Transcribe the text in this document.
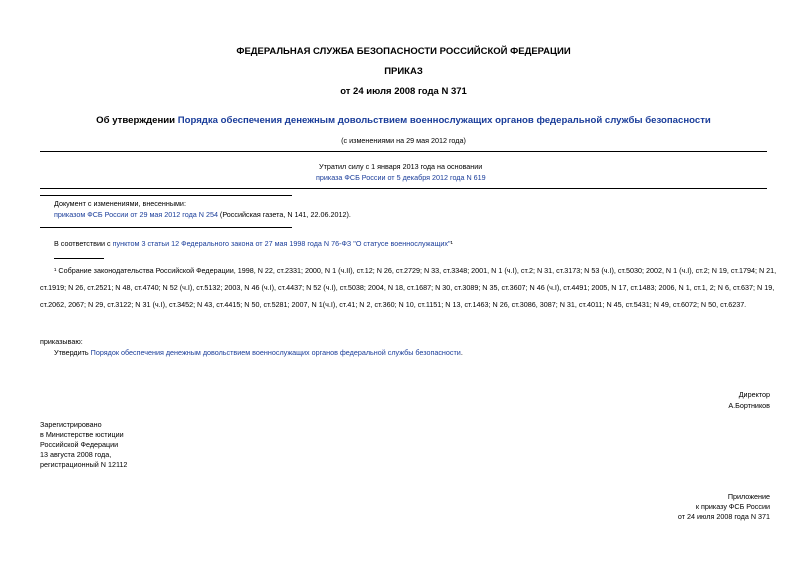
ФЕДЕРАЛЬНАЯ СЛУЖБА БЕЗОПАСНОСТИ РОССИЙСКОЙ ФЕДЕРАЦИИ
ПРИКАЗ
от 24 июля 2008 года N 371
Об утверждении Порядка обеспечения денежным довольствием военнослужащих органов федеральной службы безопасности
(с изменениями на 29 мая 2012 года)
Утратил силу с 1 января 2013 года на основании
приказа ФСБ России от 5 декабря 2012 года N 619
Документ с изменениями, внесенными:
приказом ФСБ России от 29 мая 2012 года N 254 (Российская газета, N 141, 22.06.2012).
В соответствии с пунктом 3 статьи 12 Федерального закона от 27 мая 1998 года N 76-ФЗ "О статусе военнослужащих"¹
¹ Собрание законодательства Российской Федерации, 1998, N 22, ст.2331; 2000, N 1 (ч.II), ст.12; N 26, ст.2729; N 33, ст.3348; 2001, N 1 (ч.I), ст.2; N 31, ст.3173; N 53 (ч.I), ст.5030; 2002, N 1 (ч.I), ст.2; N 19, ст.1794; N 21, ст.1919; N 26, ст.2521; N 48, ст.4740; N 52 (ч.I), ст.5132; 2003, N 46 (ч.I), ст.4437; N 52 (ч.I), ст.5038; 2004, N 18, ст.1687; N 30, ст.3089; N 35, ст.3607; N 46 (ч.I), ст.4491; 2005, N 17, ст.1483; 2006, N 1, ст.1, 2; N 6, ст.637; N 19, ст.2062, 2067; N 29, ст.3122; N 31 (ч.I), ст.3452; N 43, ст.4415; N 50, ст.5281; 2007, N 1(ч.I), ст.41; N 2, ст.360; N 10, ст.1151; N 13, ст.1463; N 26, ст.3086, 3087; N 31, ст.4011; N 45, ст.5431; N 49, ст.6072; N 50, ст.6237.
приказываю:
Утвердить Порядок обеспечения денежным довольствием военнослужащих органов федеральной службы безопасности.
Директор
А.Бортников
Зарегистрировано
в Министерстве юстиции
Российской Федерации
13 августа 2008 года,
регистрационный N 12112
Приложение
к приказу ФСБ России
от 24 июля 2008 года N 371
